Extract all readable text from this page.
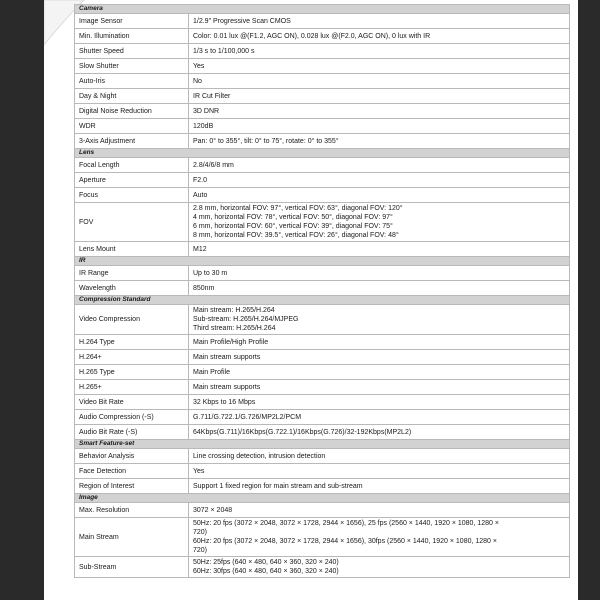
Camera	
Image Sensor	1/2.9" Progressive Scan CMOS

Min. Illumination	Color: 0.01 lux @(F1.2, AGC ON), 0.028 lux @(F2.0, AGC ON), 0 lux with IR

Shutter Speed	1/3 s to 1/100,000 s

Slow Shutter	Yes

Auto-Iris	No

Day & Night	IR Cut Filter

Digital Noise Reduction	3D DNR

WDR	120dB

3-Axis Adjustment	Pan: 0° to 355°, tilt: 0° to 75°, rotate: 0° to 355°

Lens	
Focal Length	2.8/4/6/8 mm

Aperture	F2.0

Focus	Auto

FOV	2.8 mm, horizontal FOV: 97°, vertical FOV: 63°, diagonal FOV: 120°
4 mm, horizontal FOV: 78°, vertical FOV: 50°, diagonal FOV: 97°
6 mm, horizontal FOV: 60°, vertical FOV: 39°, diagonal FOV: 75°
8 mm, horizontal FOV: 39.5°, vertical FOV: 26°, diagonal FOV: 48°

Lens Mount	M12

IR	
IR Range	Up to 30 m

Wavelength	850nm

Compression Standard	
Video Compression	Main stream: H.265/H.264
Sub-stream: H.265/H.264/MJPEG
Third stream: H.265/H.264

H.264 Type	Main Profile/High Profile

H.264+	Main stream supports

H.265 Type	Main Profile

H.265+	Main stream supports

Video Bit Rate	32 Kbps to 16 Mbps

Audio Compression (-S)	G.711/G.722.1/G.726/MP2L2/PCM

Audio Bit Rate (-S)	64Kbps(G.711)/16Kbps(G.722.1)/16Kbps(G.726)/32-192Kbps(MP2L2)

Smart Feature-set	
Behavior Analysis	Line crossing detection, intrusion detection

Face Detection	Yes

Region of Interest	Support 1 fixed region for main stream and sub-stream

Image	
Max. Resolution	3072 × 2048

Main Stream	50Hz: 20 fps (3072 × 2048, 3072 × 1728, 2944 × 1656), 25 fps (2560 × 1440, 1920 × 1080, 1280 ×
720)
60Hz: 20 fps (3072 × 2048, 3072 × 1728, 2944 × 1656), 30fps (2560 × 1440, 1920 × 1080, 1280 ×
720)

Sub-Stream	50Hz: 25fps (640 × 480, 640 × 360, 320 × 240)
60Hz: 30fps (640 × 480, 640 × 360, 320 × 240)
